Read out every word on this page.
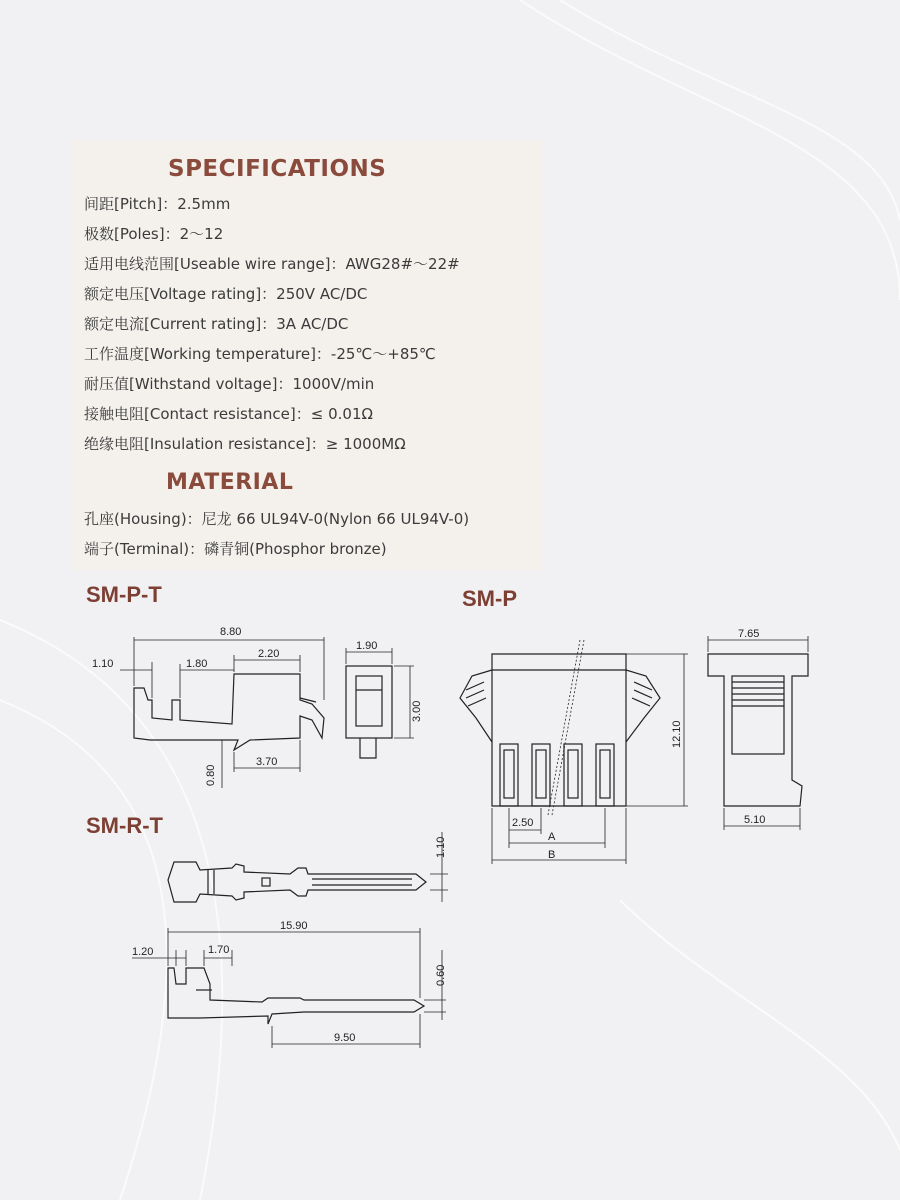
SPECIFICATIONS

间距[Pitch]：2.5mm

极数[Poles]：2～12

适用电线范围[Useable wire range]：AWG28#～22#

额定电压[Voltage rating]：250V AC/DC

额定电流[Current rating]：3A AC/DC

工作温度[Working temperature]：-25℃～+85℃

耐压值[Withstand voltage]：1000V/min

接触电阻[Contact resistance]：≤ 0.01Ω

绝缘电阻[Insulation resistance]：≥ 1000MΩ

MATERIAL

孔座(Housing)：尼龙 66 UL94V-0(Nylon 66 UL94V-0)

端子(Terminal)：磷青铜(Phosphor bronze)

SM-P-T	SM-P
SM-R-T
8.80
1.10	1.80
2.20
3.70
0.80
1.90
3.00
12.10
2.50
A
B
7.65
5.10
1.10
15.90
1.20	1.70
0.60
9.50
